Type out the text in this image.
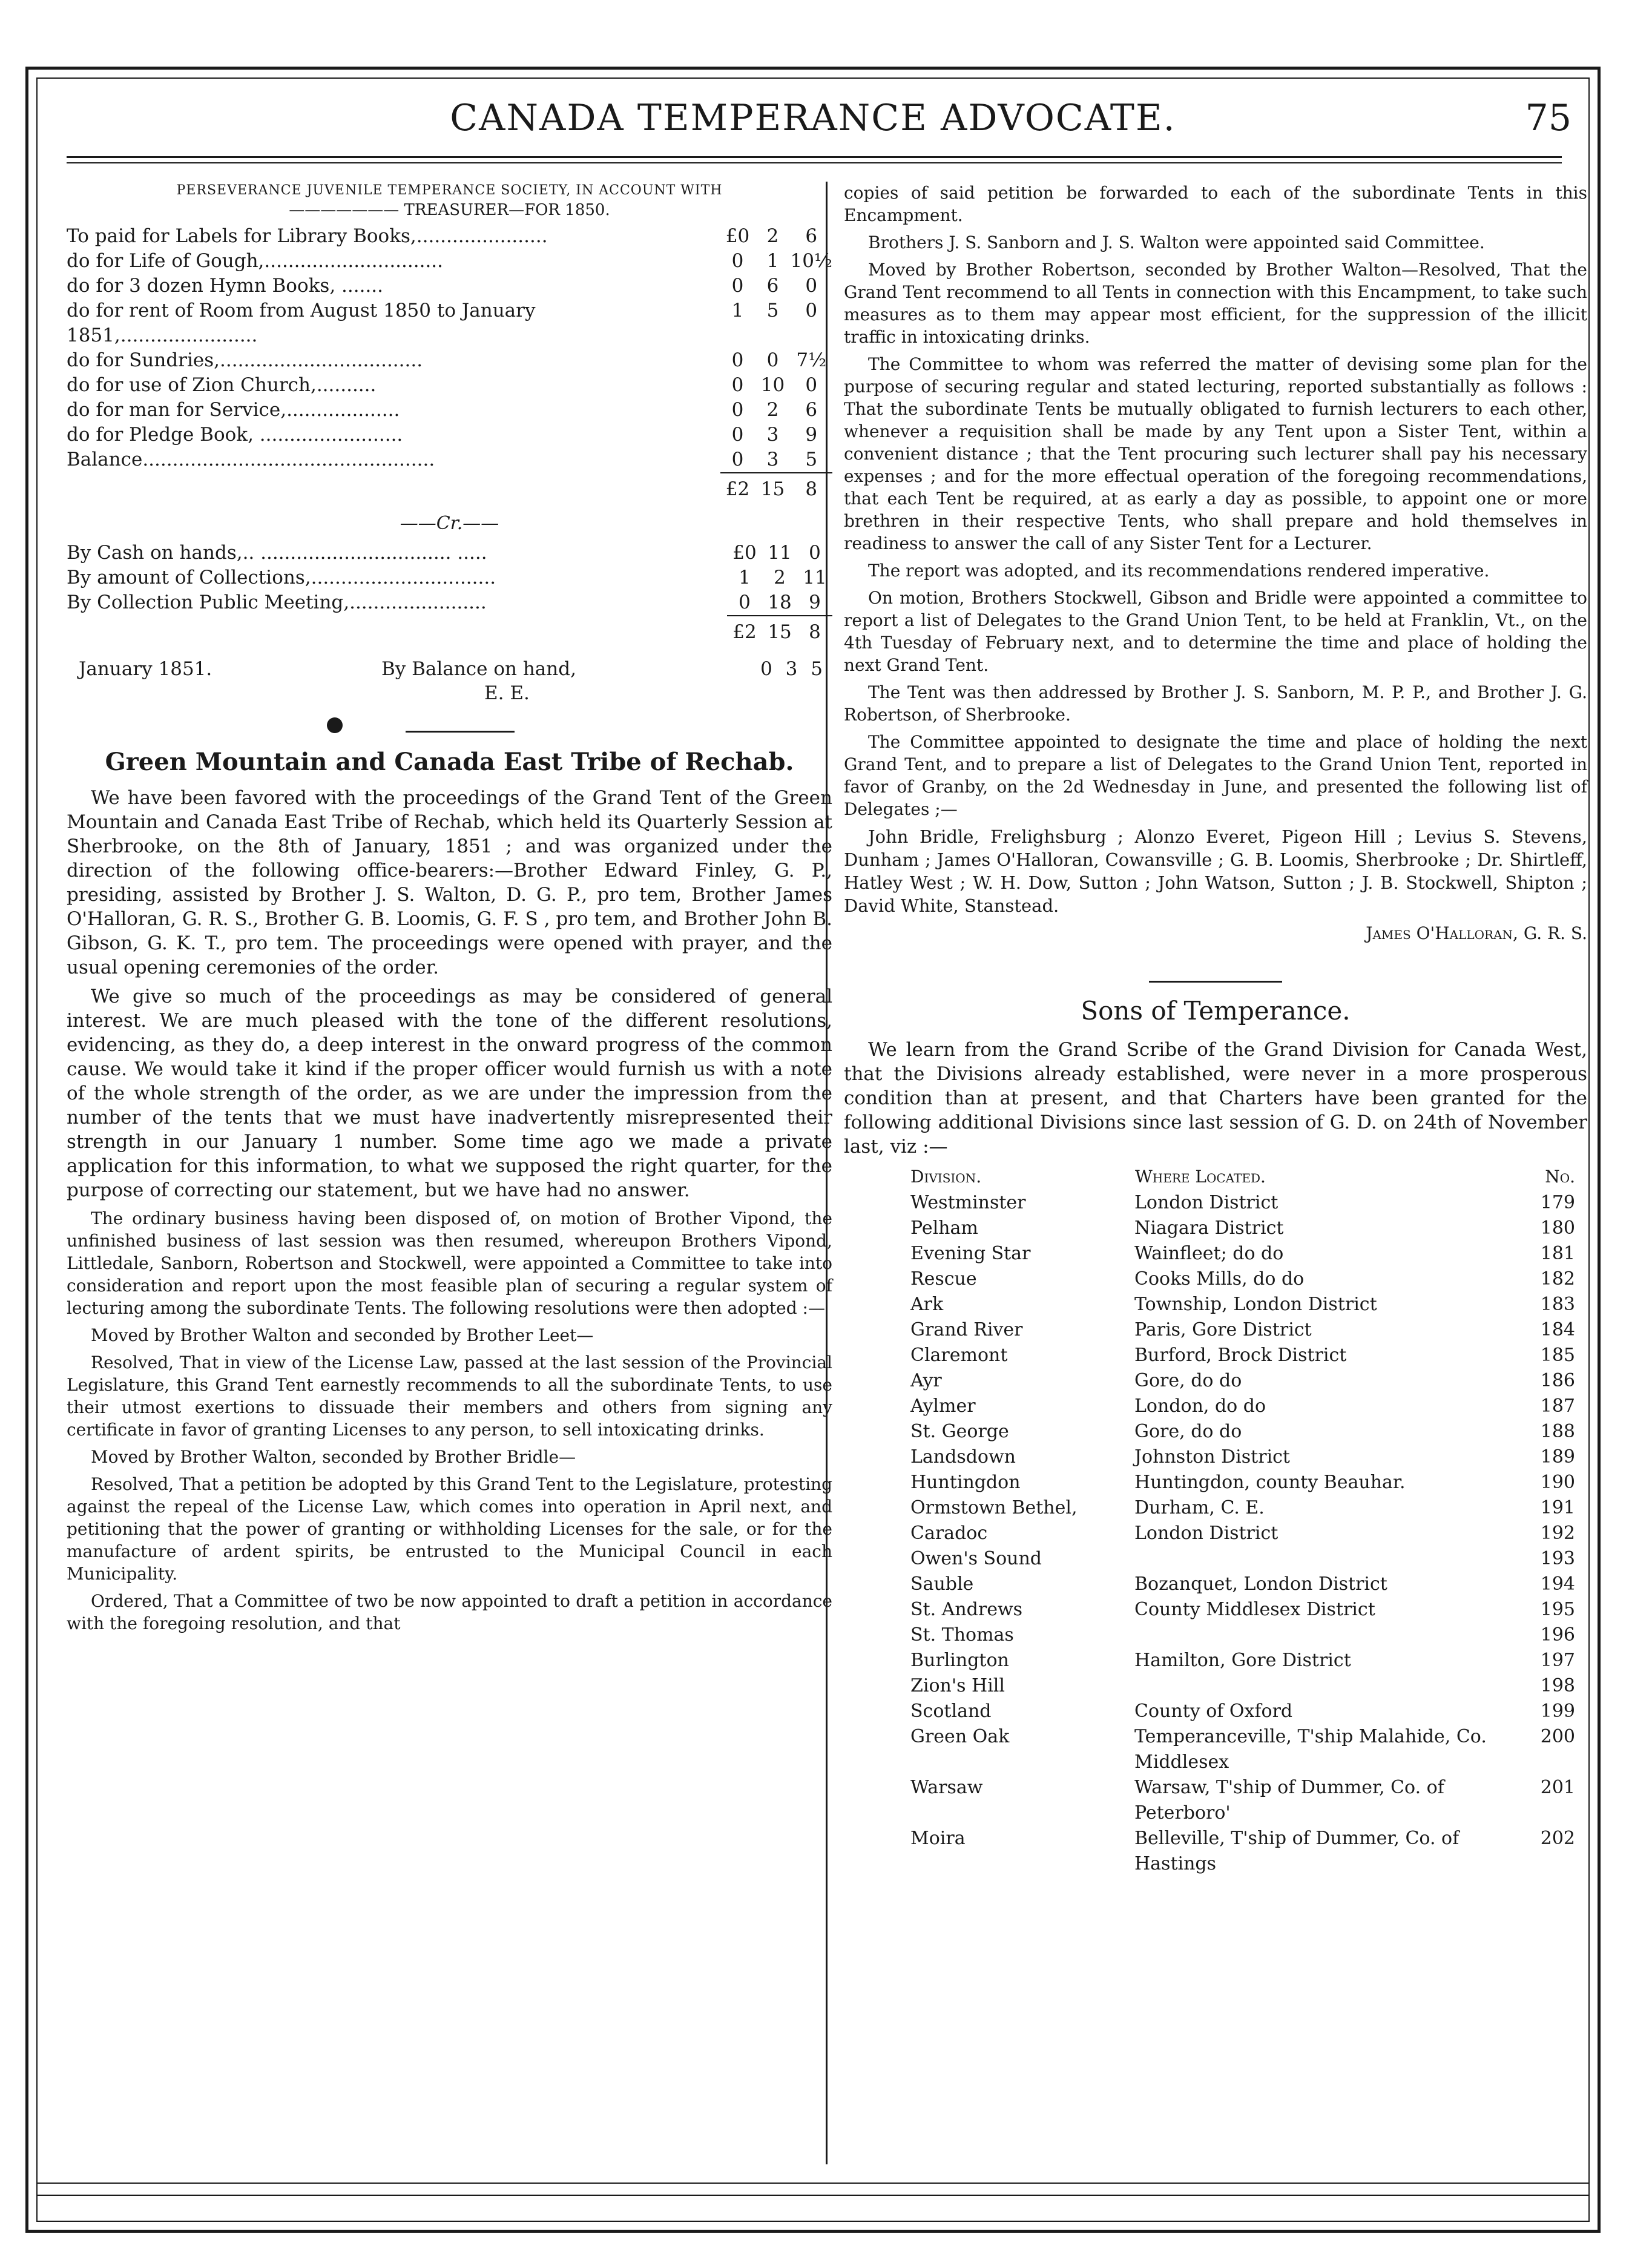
CANADA TEMPERANCE ADVOCATE.	75
PERSEVERANCE JUVENILE TEMPERANCE SOCIETY, IN ACCOUNT WITH
——————— TREASURER—FOR 1850.
To paid for Labels for Library Books,......................	£0	2	6
do for Life of Gough,..............................	0	1	10½
do for 3 dozen Hymn Books, .......	0	6	0
do for rent of Room from August 1850 to January 1851,.......................	1	5	0
do for Sundries,..................................	0	0	7½
do for use of Zion Church,..........	0	10	0
do for man for Service,...................	0	2	6
do for Pledge Book, ........................	0	3	9
Balance.................................................	0	3	5
	£2	15	8
——Cr.——
By Cash on hands,.. ................................ .....	£0	11	0
By amount of Collections,...............................	1	2	11
By Collection Public Meeting,.......................	0	18	9
	£2	15	8
January 1851.	By Balance on hand,	0 3 5
E. E.
Green Mountain and Canada East Tribe of Rechab.

We have been favored with the proceedings of the Grand Tent of the Green Mountain and Canada East Tribe of Rechab, which held its Quarterly Session at Sherbrooke, on the 8th of January, 1851 ; and was organized under the direction of the following office-bearers:—Brother Edward Finley, G. P., presiding, assisted by Brother J. S. Walton, D. G. P., pro tem, Brother James O'Halloran, G. R. S., Brother G. B. Loomis, G. F. S , pro tem, and Brother John B. Gibson, G. K. T., pro tem. The proceedings were opened with prayer, and the usual opening ceremonies of the order.

We give so much of the proceedings as may be considered of general interest. We are much pleased with the tone of the different resolutions, evidencing, as they do, a deep interest in the onward progress of the common cause. We would take it kind if the proper officer would furnish us with a note of the whole strength of the order, as we are under the impression from the number of the tents that we must have inadvertently misrepresented their strength in our January 1 number. Some time ago we made a private application for this information, to what we supposed the right quarter, for the purpose of correcting our statement, but we have had no answer.

The ordinary business having been disposed of, on motion of Brother Vipond, the unfinished business of last session was then resumed, whereupon Brothers Vipond, Littledale, Sanborn, Robertson and Stockwell, were appointed a Committee to take into consideration and report upon the most feasible plan of securing a regular system of lecturing among the subordinate Tents. The following resolutions were then adopted :—

Moved by Brother Walton and seconded by Brother Leet—

Resolved, That in view of the License Law, passed at the last session of the Provincial Legislature, this Grand Tent earnestly recommends to all the subordinate Tents, to use their utmost exertions to dissuade their members and others from signing any certificate in favor of granting Licenses to any person, to sell intoxicating drinks.

Moved by Brother Walton, seconded by Brother Bridle—

Resolved, That a petition be adopted by this Grand Tent to the Legislature, protesting against the repeal of the License Law, which comes into operation in April next, and petitioning that the power of granting or withholding Licenses for the sale, or for the manufacture of ardent spirits, be entrusted to the Municipal Council in each Municipality.

Ordered, That a Committee of two be now appointed to draft a petition in accordance with the foregoing resolution, and that

copies of said petition be forwarded to each of the subordinate Tents in this Encampment.

Brothers J. S. Sanborn and J. S. Walton were appointed said Committee.

Moved by Brother Robertson, seconded by Brother Walton—Resolved, That the Grand Tent recommend to all Tents in connection with this Encampment, to take such measures as to them may appear most efficient, for the suppression of the illicit traffic in intoxicating drinks.

The Committee to whom was referred the matter of devising some plan for the purpose of securing regular and stated lecturing, reported substantially as follows : That the subordinate Tents be mutually obligated to furnish lecturers to each other, whenever a requisition shall be made by any Tent upon a Sister Tent, within a convenient distance ; that the Tent procuring such lecturer shall pay his necessary expenses ; and for the more effectual operation of the foregoing recommendations, that each Tent be required, at as early a day as possible, to appoint one or more brethren in their respective Tents, who shall prepare and hold themselves in readiness to answer the call of any Sister Tent for a Lecturer.

The report was adopted, and its recommendations rendered imperative.

On motion, Brothers Stockwell, Gibson and Bridle were appointed a committee to report a list of Delegates to the Grand Union Tent, to be held at Franklin, Vt., on the 4th Tuesday of February next, and to determine the time and place of holding the next Grand Tent.

The Tent was then addressed by Brother J. S. Sanborn, M. P. P., and Brother J. G. Robertson, of Sherbrooke.

The Committee appointed to designate the time and place of holding the next Grand Tent, and to prepare a list of Delegates to the Grand Union Tent, reported in favor of Granby, on the 2d Wednesday in June, and presented the following list of Delegates ;—

John Bridle, Frelighsburg ; Alonzo Everet, Pigeon Hill ; Levius S. Stevens, Dunham ; James O'Halloran, Cowansville ; G. B. Loomis, Sherbrooke ; Dr. Shirtleff, Hatley West ; W. H. Dow, Sutton ; John Watson, Sutton ; J. B. Stockwell, Shipton ; David White, Stanstead.

James O'Halloran, G. R. S.

Sons of Temperance.

We learn from the Grand Scribe of the Grand Division for Canada West, that the Divisions already established, were never in a more prosperous condition than at present, and that Charters have been granted for the following additional Divisions since last session of G. D. on 24th of November last, viz :—

Division.	Where Located.	No.
Westminster	London District	179
Pelham	Niagara District	180
Evening Star	Wainfleet; do do	181
Rescue	Cooks Mills, do do	182
Ark	Township, London District	183
Grand River	Paris, Gore District	184
Claremont	Burford, Brock District	185
Ayr	Gore, do do	186
Aylmer	London, do do	187
St. George	Gore, do do	188
Landsdown	Johnston District	189
Huntingdon	Huntingdon, county Beauhar.	190
Ormstown Bethel,	Durham, C. E.	191
Caradoc	London District	192
Owen's Sound		193
Sauble	Bozanquet, London District	194
St. Andrews	County Middlesex District	195
St. Thomas		196
Burlington	Hamilton, Gore District	197
Zion's Hill		198
Scotland	County of Oxford	199
Green Oak	Temperanceville, T'ship Malahide, Co. Middlesex	200
Warsaw	Warsaw, T'ship of Dummer, Co. of Peterboro'	201
Moira	Belleville, T'ship of Dummer, Co. of Hastings	202
